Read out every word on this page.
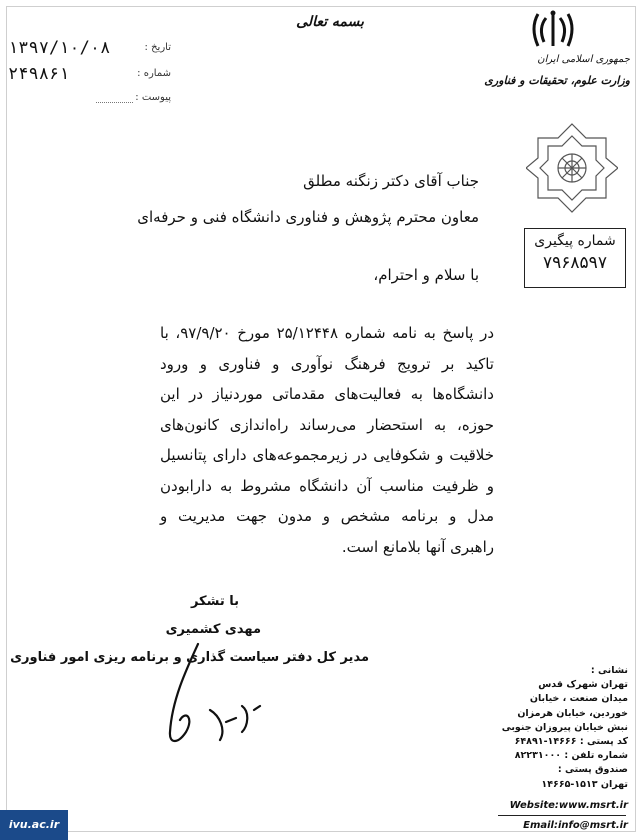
۱۳۹۷/۱۰/۰۸	تاریخ :
۲۴۹۸۶۱	شماره :
پیوست :
بسمه تعالی
جمهوری اسلامی ایران
وزارت علوم، تحقیقات و فناوری
شماره پیگیری
۷۹۶۸۵۹۷
جناب آقای دکتر زنگنه مطلق
معاون محترم پژوهش و فناوری دانشگاه فنی و حرفه‌ای
با سلام و احترام،
در پاسخ به نامه شماره ۲۵/۱۲۴۴۸ مورخ ۹۷/۹/۲۰، با تاکید بر ترویج فرهنگ نوآوری و فناوری و ورود دانشگاه‌ها به فعالیت‌های مقدماتی موردنیاز در این حوزه، به استحضار می‌رساند راه‌اندازی کانون‌های خلاقیت و شکوفایی در زیرمجموعه‌های دارای پتانسیل و ظرفیت مناسب آن دانشگاه مشروط به دارابودن مدل و برنامه مشخص و مدون جهت مدیریت و راهبری آنها بلامانع است.
با تشکر
مهدی کشمیری
مدیر کل دفتر سیاست گذاری و برنامه ریزی امور فناوری
نشانی :
تهران شهرک قدس
میدان صنعت ، خیابان
خوردین، خیابان هرمزان
نبش خیابان پیروزان جنوبی
کد پستی : ۱۴۶۶۶-۶۴۸۹۱
شماره تلفن : ۸۲۲۳۱۰۰۰
صندوق پستی :
تهران ۱۵۱۳-۱۴۶۶۵
Website:www.msrt.ir
Email:info@msrt.ir
ivu.ac.ir
